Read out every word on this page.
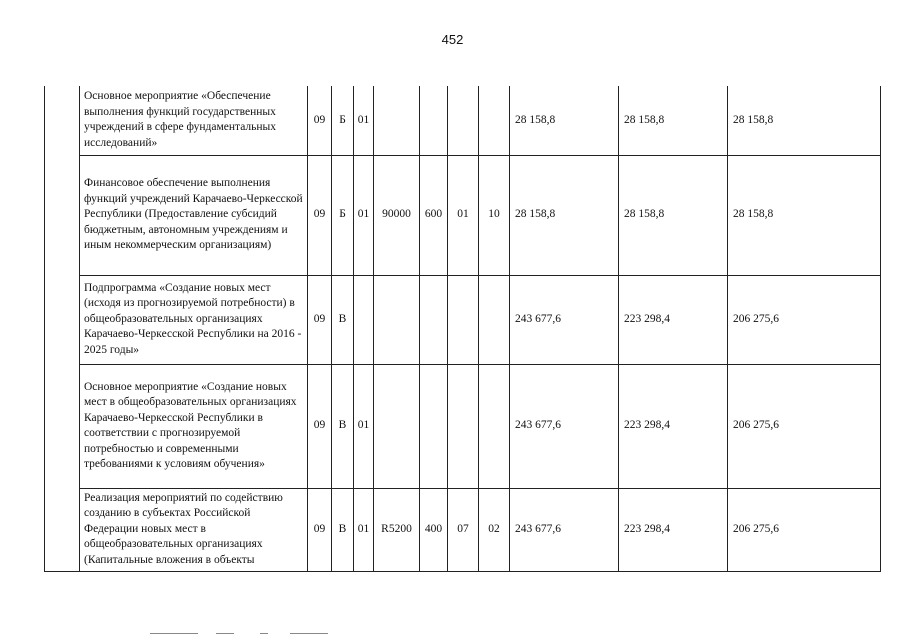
452
	Основное мероприятие «Обеспечение выполнения функций государственных учреждений в сфере фундаментальных исследований»	09	Б	01					28 158,8	28 158,8	28 158,8
	Финансовое обеспечение выполнения функций учреждений Карачаево-Черкесской Республики (Предоставление субсидий бюджетным, автономным учреждениям и иным некоммерческим организациям)	09	Б	01	90000	600	01	10	28 158,8	28 158,8	28 158,8
	Подпрограмма «Создание новых мест (исходя из прогнозируемой потребности) в общеобразовательных организациях Карачаево-Черкесской Республики на 2016 - 2025 годы»	09	В						243 677,6	223 298,4	206 275,6
	Основное мероприятие «Создание новых мест в общеобразовательных организациях Карачаево-Черкесской Республики в соответствии с прогнозируемой потребностью и современными требованиями к условиям обучения»	09	В	01					243 677,6	223 298,4	206 275,6
	Реализация мероприятий по содействию созданию в субъектах Российской Федерации новых мест в общеобразовательных организациях (Капитальные вложения в объекты	09	В	01	R5200	400	07	02	243 677,6	223 298,4	206 275,6
